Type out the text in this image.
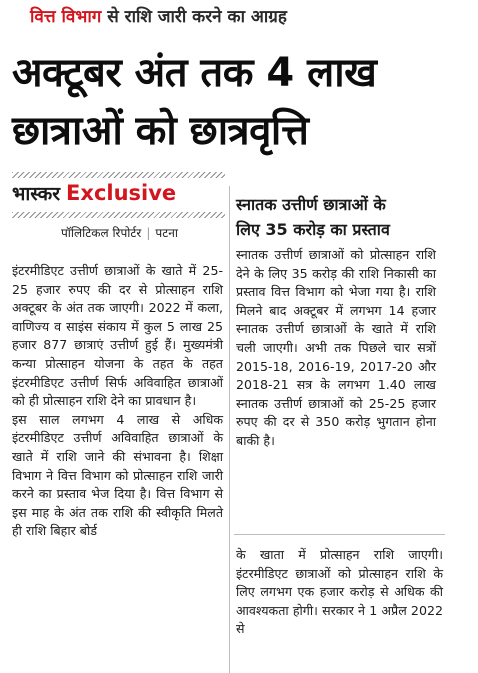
वित्त विभाग से राशि जारी करने का आग्रह
अक्टूबर अंत तक 4 लाख
छात्राओं को छात्रवृत्ति
भास्कर Exclusive
पॉलिटिकल रिपोर्टर | पटना

इंटरमीडिएट उत्तीर्ण छात्राओं के खाते में 25-25 हजार रुपए की दर से प्रोत्साहन राशि अक्टूबर के अंत तक जाएगी। 2022 में कला, वाणिज्य व साइंस संकाय में कुल 5 लाख 25 हजार 877 छात्राएं उत्तीर्ण हुई हैं। मुख्यमंत्री कन्या प्रोत्साहन योजना के तहत के तहत इंटरमीडिएट उत्तीर्ण सिर्फ अविवाहित छात्राओं को ही प्रोत्साहन राशि देने का प्रावधान है।

इस साल लगभग 4 लाख से अधिक इंटरमीडिएट उत्तीर्ण अविवाहित छात्राओं के खाते में राशि जाने की संभावना है। शिक्षा विभाग ने वित्त विभाग को प्रोत्साहन राशि जारी करने का प्रस्ताव भेज दिया है। वित्त विभाग से इस माह के अंत तक राशि की स्वीकृति मिलते ही राशि बिहार बोर्ड

स्नातक उत्तीर्ण छात्राओं के
लिए 35 करोड़ का प्रस्ताव

स्नातक उत्तीर्ण छात्राओं को प्रोत्साहन राशि देने के लिए 35 करोड़ की राशि निकासी का प्रस्ताव वित्त विभाग को भेजा गया है। राशि मिलने बाद अक्टूबर में लगभग 14 हजार स्नातक उत्तीर्ण छात्राओं के खाते में राशि चली जाएगी। अभी तक पिछले चार सत्रों 2015-18, 2016-19, 2017-20 और 2018-21 सत्र के लगभग 1.40 लाख स्नातक उत्तीर्ण छात्राओं को 25-25 हजार रुपए की दर से 350 करोड़ भुगतान होना बाकी है।

के खाता में प्रोत्साहन राशि जाएगी। इंटरमीडिएट छात्राओं को प्रोत्साहन राशि के लिए लगभग एक हजार करोड़ से अधिक की आवश्यकता होगी। सरकार ने 1 अप्रैल 2022 से
